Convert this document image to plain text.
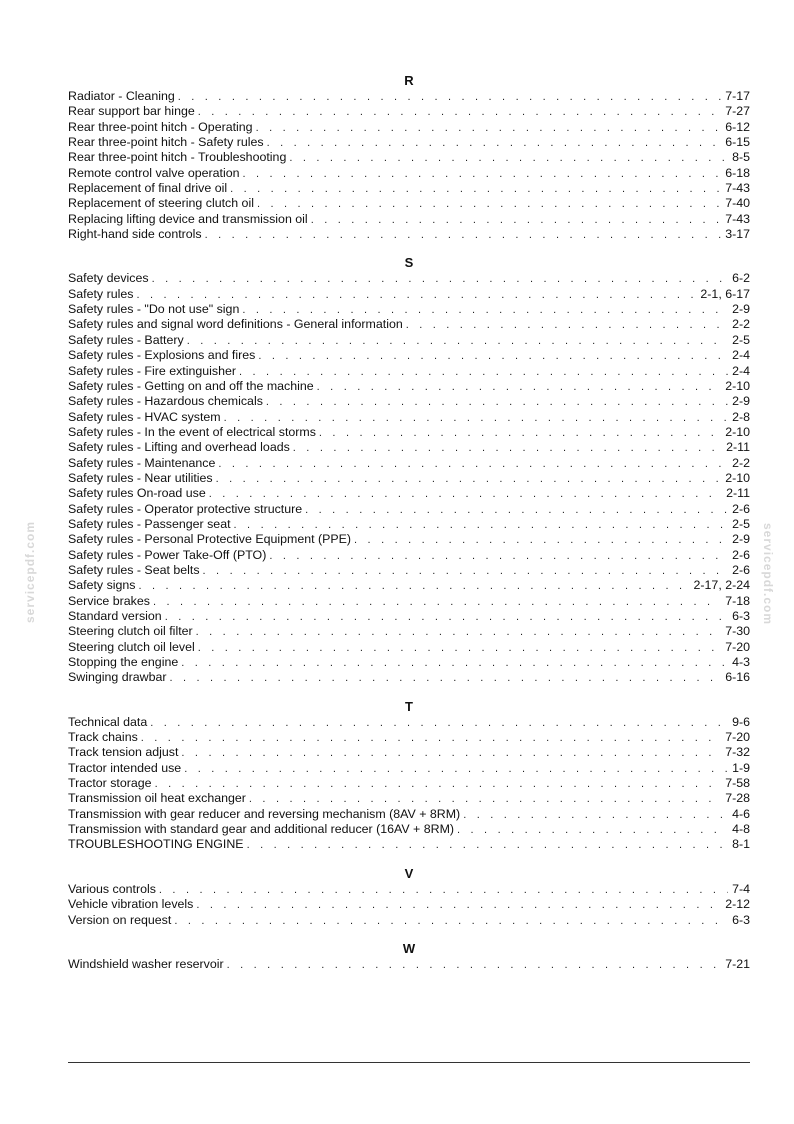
servicepdf.com	servicepdf.com
R
Radiator - Cleaning . . .	7-17
Rear support bar hinge . . .	7-27
Rear three-point hitch - Operating . . .	6-12
Rear three-point hitch - Safety rules . . .	6-15
Rear three-point hitch - Troubleshooting . . .	8-5
Remote control valve operation . . .	6-18
Replacement of final drive oil . . .	7-43
Replacement of steering clutch oil . . .	7-40
Replacing lifting device and transmission oil . . .	7-43
Right-hand side controls . . .	3-17
S
Safety devices . . .	6-2
Safety rules . . .	2-1, 6-17
Safety rules - "Do not use" sign . . .	2-9
Safety rules and signal word definitions - General information . . .	2-2
Safety rules - Battery . . .	2-5
Safety rules - Explosions and fires . . .	2-4
Safety rules - Fire extinguisher . . .	2-4
Safety rules - Getting on and off the machine . . .	2-10
Safety rules - Hazardous chemicals . . .	2-9
Safety rules - HVAC system . . .	2-8
Safety rules - In the event of electrical storms . . .	2-10
Safety rules - Lifting and overhead loads . . .	2-11
Safety rules - Maintenance . . .	2-2
Safety rules - Near utilities . . .	2-10
Safety rules On-road use . . .	2-11
Safety rules - Operator protective structure . . .	2-6
Safety rules - Passenger seat . . .	2-5
Safety rules - Personal Protective Equipment (PPE) . . .	2-9
Safety rules - Power Take-Off (PTO) . . .	2-6
Safety rules - Seat belts . . .	2-6
Safety signs . . .	2-17, 2-24
Service brakes . . .	7-18
Standard version . . .	6-3
Steering clutch oil filter . . .	7-30
Steering clutch oil level . . .	7-20
Stopping the engine . . .	4-3
Swinging drawbar . . .	6-16
T
Technical data . . .	9-6
Track chains . . .	7-20
Track tension adjust . . .	7-32
Tractor intended use . . .	1-9
Tractor storage . . .	7-58
Transmission oil heat exchanger . . .	7-28
Transmission with gear reducer and reversing mechanism (8AV + 8RM) . . .	4-6
Transmission with standard gear and additional reducer (16AV + 8RM) . . .	4-8
TROUBLESHOOTING ENGINE . . .	8-1
V
Various controls . . .	7-4
Vehicle vibration levels . . .	2-12
Version on request . . .	6-3
W
Windshield washer reservoir . . .	7-21
